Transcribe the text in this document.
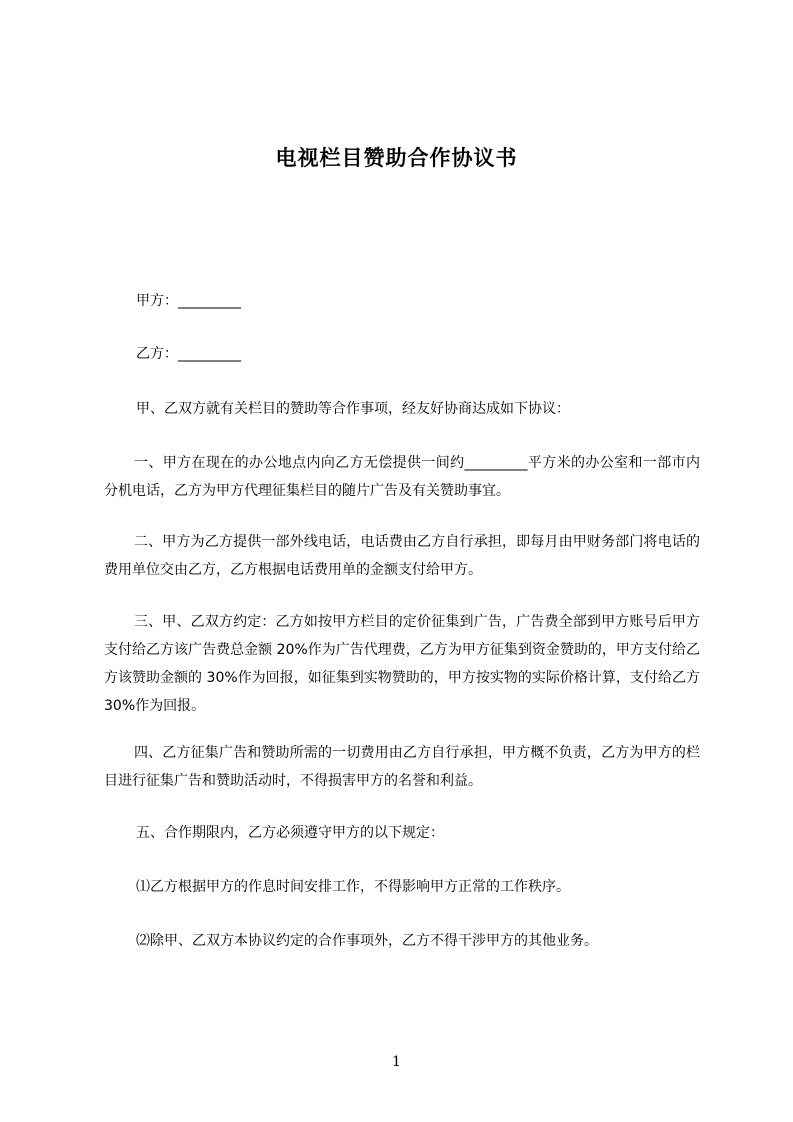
电视栏目赞助合作协议书
甲方：_________
乙方：_________
甲、乙双方就有关栏目的赞助等合作事项，经友好协商达成如下协议：
一、甲方在现在的办公地点内向乙方无偿提供一间约_________平方米的办公室和一部市内分机电话，乙方为甲方代理征集栏目的随片广告及有关赞助事宜。
二、甲方为乙方提供一部外线电话，电话费由乙方自行承担，即每月由甲财务部门将电话的费用单位交由乙方，乙方根据电话费用单的金额支付给甲方。
三、甲、乙双方约定：乙方如按甲方栏目的定价征集到广告，广告费全部到甲方账号后甲方支付给乙方该广告费总金额 20%作为广告代理费，乙方为甲方征集到资金赞助的，甲方支付给乙方该赞助金额的 30%作为回报，如征集到实物赞助的，甲方按实物的实际价格计算，支付给乙方 30%作为回报。
四、乙方征集广告和赞助所需的一切费用由乙方自行承担，甲方概不负责，乙方为甲方的栏目进行征集广告和赞助活动时，不得损害甲方的名誉和利益。
五、合作期限内，乙方必须遵守甲方的以下规定：
⑴乙方根据甲方的作息时间安排工作，不得影响甲方正常的工作秩序。
⑵除甲、乙双方本协议约定的合作事项外，乙方不得干涉甲方的其他业务。
1
